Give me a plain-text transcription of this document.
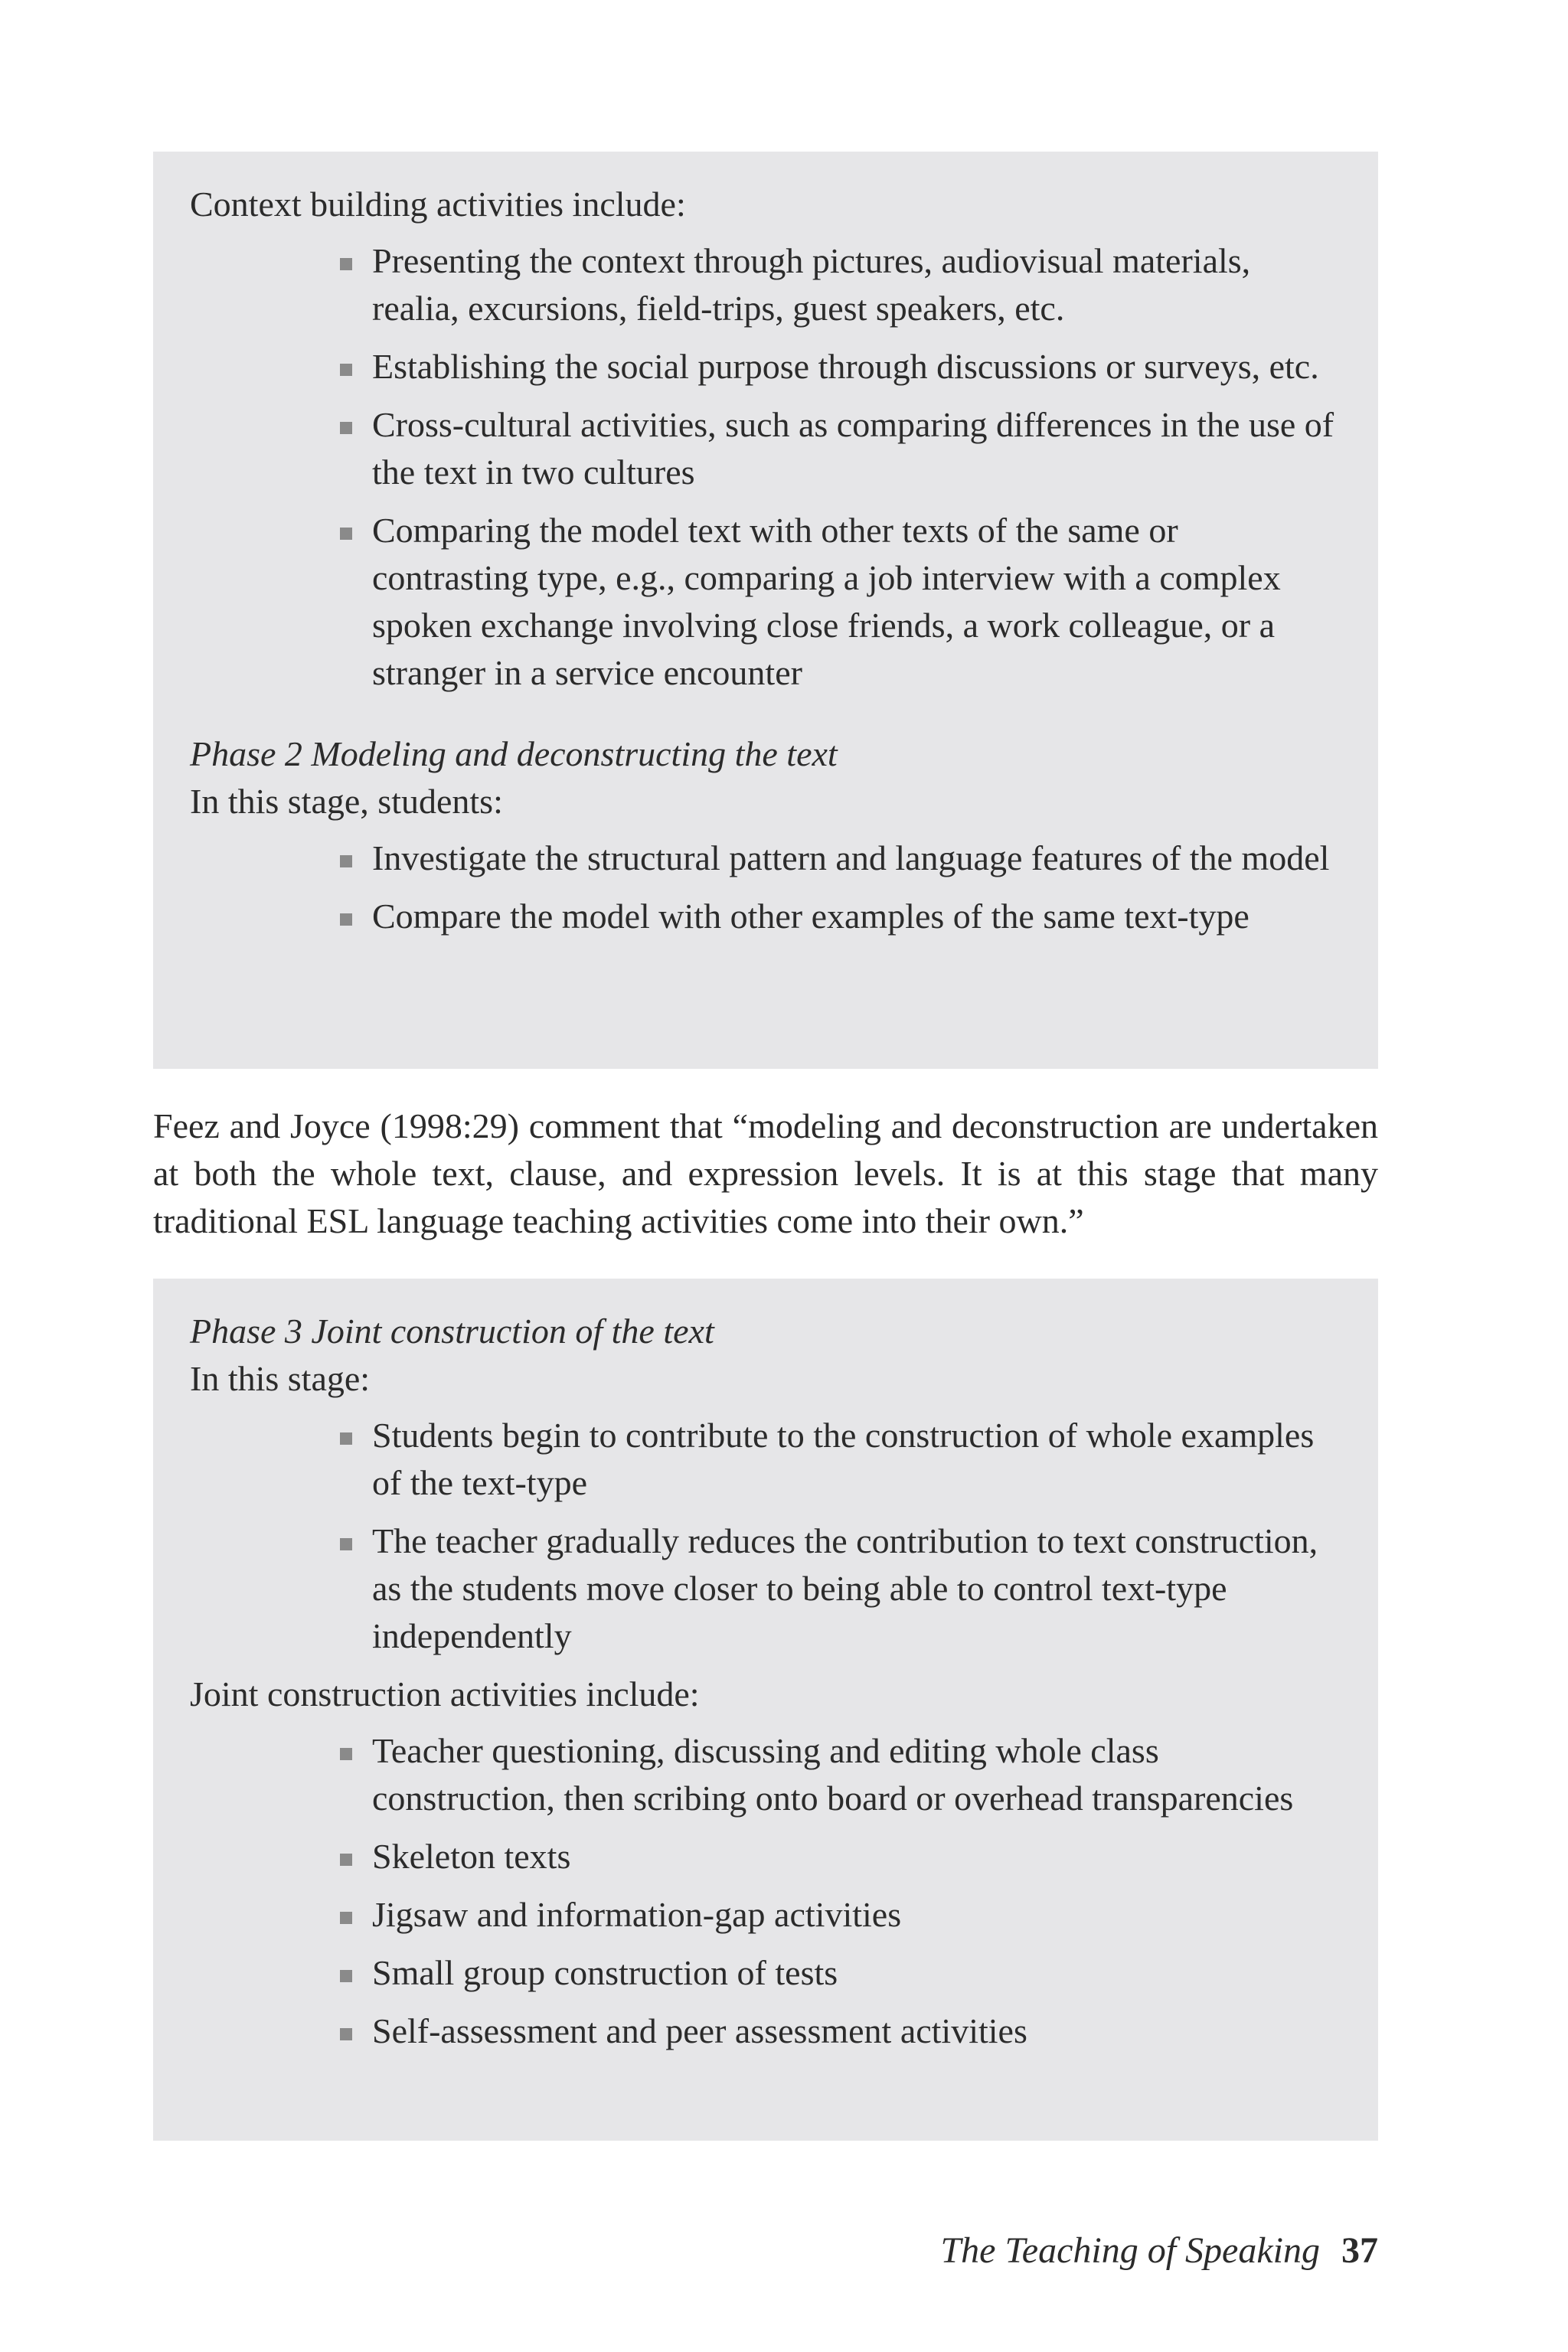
Context building activities include:

Presenting the context through pictures, audiovisual materials, realia, excursions, field-trips, guest speakers, etc.
Establishing the social purpose through discussions or surveys, etc.
Cross-cultural activities, such as comparing differences in the use of the text in two cultures
Comparing the model text with other texts of the same or contrasting type, e.g., comparing a job interview with a complex spoken exchange involving close friends, a work colleague, or a stranger in a service encounter

Phase 2 Modeling and deconstructing the text

In this stage, students:

Investigate the structural pattern and language features of the model
Compare the model with other examples of the same text-type

Feez and Joyce (1998:29) comment that “modeling and deconstruction are undertaken at both the whole text, clause, and expression levels. It is at this stage that many traditional ESL language teaching activities come into their own.”

Phase 3 Joint construction of the text

In this stage:

Students begin to contribute to the construction of whole examples of the text-type
The teacher gradually reduces the contribution to text construction, as the students move closer to being able to control text-type independently

Joint construction activities include:

Teacher questioning, discussing and editing whole class construction, then scribing onto board or overhead transparencies
Skeleton texts
Jigsaw and information-gap activities
Small group construction of tests
Self-assessment and peer assessment activities
The Teaching of Speaking 37
